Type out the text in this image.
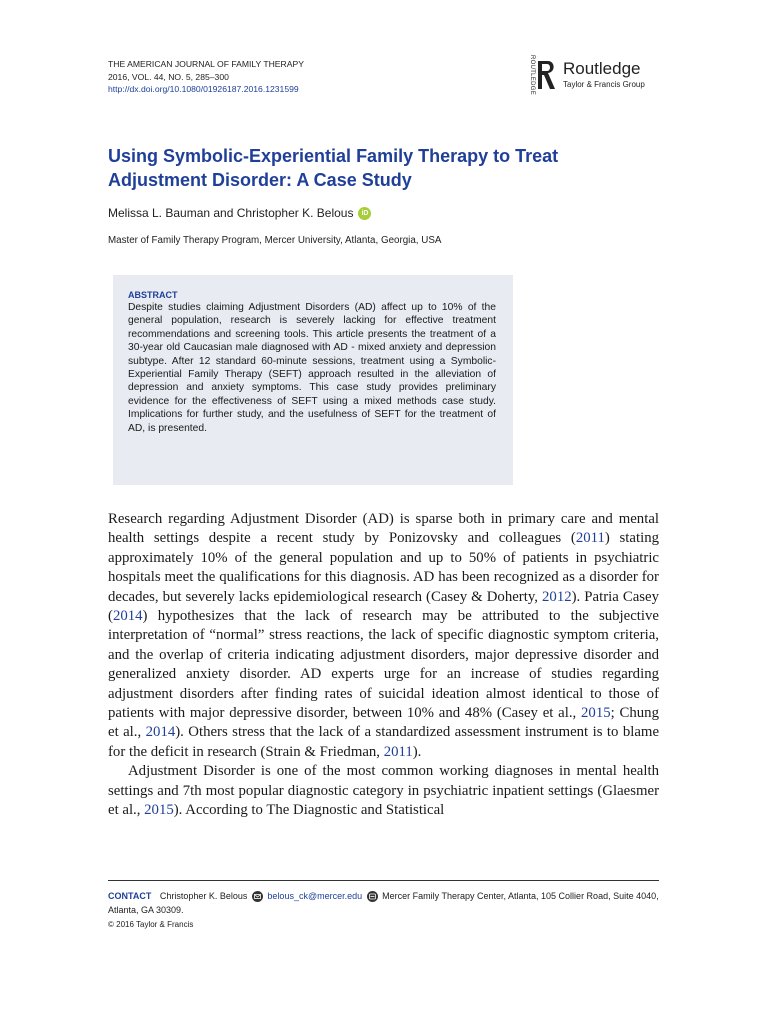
THE AMERICAN JOURNAL OF FAMILY THERAPY
2016, VOL. 44, NO. 5, 285–300
http://dx.doi.org/10.1080/01926187.2016.1231599	ROUTLEDGE Routledge
Taylor & Francis Group
Using Symbolic-Experiential Family Therapy to Treat Adjustment Disorder: A Case Study
Melissa L. Bauman and Christopher K. Belous	iD
Master of Family Therapy Program, Mercer University, Atlanta, Georgia, USA
ABSTRACT

Despite studies claiming Adjustment Disorders (AD) affect up to 10% of the general population, research is severely lacking for effective treatment recommendations and screening tools. This article presents the treatment of a 30-year old Caucasian male diagnosed with AD - mixed anxiety and depression subtype. After 12 standard 60-minute sessions, treatment using a Symbolic-Experiential Family Therapy (SEFT) approach resulted in the alleviation of depression and anxiety symptoms. This case study provides preliminary evidence for the effectiveness of SEFT using a mixed methods case study. Implications for further study, and the usefulness of SEFT for the treatment of AD, is presented.

Research regarding Adjustment Disorder (AD) is sparse both in primary care and mental health settings despite a recent study by Ponizovsky and colleagues (2011) stating approximately 10% of the general population and up to 50% of patients in psychiatric hospitals meet the qualifications for this diagnosis. AD has been recognized as a disorder for decades, but severely lacks epidemiological research (Casey & Doherty, 2012). Patria Casey (2014) hypothesizes that the lack of research may be attributed to the subjective interpretation of “normal” stress reactions, the lack of specific diagnostic symptom criteria, and the overlap of criteria indicating adjustment disorders, major depressive disorder and generalized anxiety disorder. AD experts urge for an increase of studies regarding adjustment disorders after finding rates of suicidal ideation almost identical to those of patients with major depressive disorder, between 10% and 48% (Casey et al., 2015; Chung et al., 2014). Others stress that the lack of a standardized assessment instrument is to blame for the deficit in research (Strain & Friedman, 2011).

Adjustment Disorder is one of the most common working diagnoses in mental health settings and 7th most popular diagnostic category in psychiatric inpatient settings (Glaesmer et al., 2015). According to The Diagnostic and Statistical

CONTACT Christopher K. Belous belous_ck@mercer.edu Mercer Family Therapy Center, Atlanta, 105 Collier Road, Suite 4040, Atlanta, GA 30309.
© 2016 Taylor & Francis
